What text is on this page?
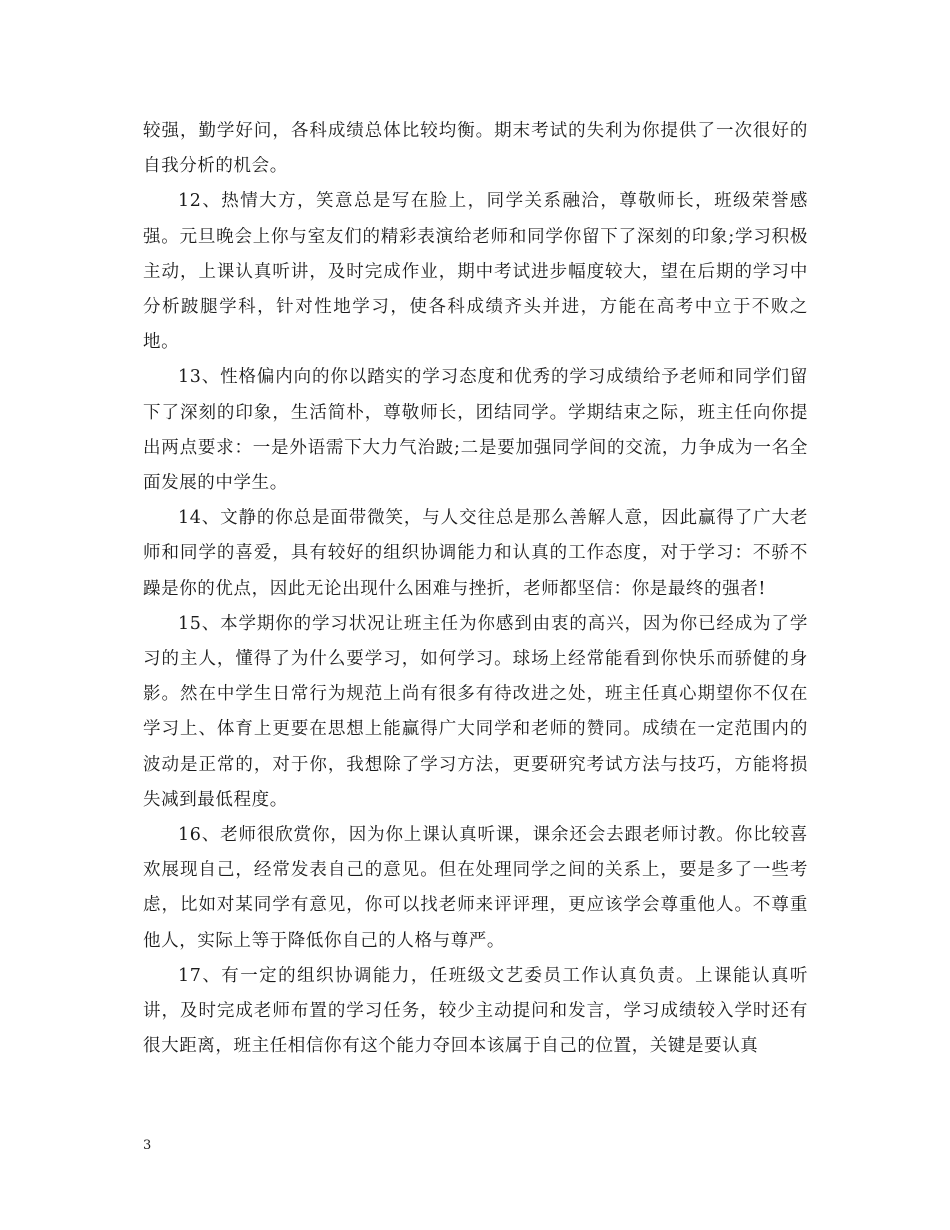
较强，勤学好问，各科成绩总体比较均衡。期末考试的失利为你提供了一次很好的自我分析的机会。

12、热情大方，笑意总是写在脸上，同学关系融洽，尊敬师长，班级荣誉感强。元旦晚会上你与室友们的精彩表演给老师和同学你留下了深刻的印象;学习积极主动，上课认真听讲，及时完成作业，期中考试进步幅度较大，望在后期的学习中分析跛腿学科，针对性地学习，使各科成绩齐头并进，方能在高考中立于不败之地。

13、性格偏内向的你以踏实的学习态度和优秀的学习成绩给予老师和同学们留下了深刻的印象，生活简朴，尊敬师长，团结同学。学期结束之际，班主任向你提出两点要求：一是外语需下大力气治跛;二是要加强同学间的交流，力争成为一名全面发展的中学生。

14、文静的你总是面带微笑，与人交往总是那么善解人意，因此赢得了广大老师和同学的喜爱，具有较好的组织协调能力和认真的工作态度，对于学习：不骄不躁是你的优点，因此无论出现什么困难与挫折，老师都坚信：你是最终的强者!

15、本学期你的学习状况让班主任为你感到由衷的高兴，因为你已经成为了学习的主人，懂得了为什么要学习，如何学习。球场上经常能看到你快乐而骄健的身影。然在中学生日常行为规范上尚有很多有待改进之处，班主任真心期望你不仅在学习上、体育上更要在思想上能赢得广大同学和老师的赞同。成绩在一定范围内的波动是正常的，对于你，我想除了学习方法，更要研究考试方法与技巧，方能将损失减到最低程度。

16、老师很欣赏你，因为你上课认真听课，课余还会去跟老师讨教。你比较喜欢展现自己，经常发表自己的意见。但在处理同学之间的关系上，要是多了一些考虑，比如对某同学有意见，你可以找老师来评评理，更应该学会尊重他人。不尊重他人，实际上等于降低你自己的人格与尊严。

17、有一定的组织协调能力，任班级文艺委员工作认真负责。上课能认真听讲，及时完成老师布置的学习任务，较少主动提问和发言，学习成绩较入学时还有很大距离，班主任相信你有这个能力夺回本该属于自己的位置，关键是要认真

3
